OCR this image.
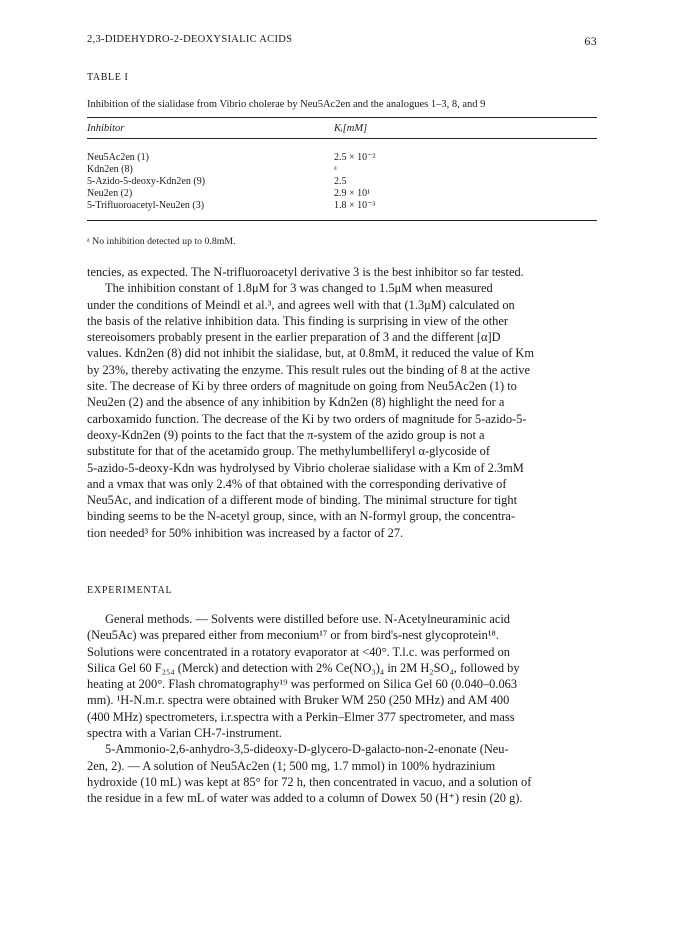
2,3-DIDEHYDRO-2-DEOXYSIALIC ACIDS	63
TABLE I
Inhibition of the sialidase from Vibrio cholerae by Neu5Ac2en and the analogues 1–3, 8, and 9
Inhibitor	Kᵢ[mM]
Neu5Ac2en (1)	2.5 × 10⁻²
Kdn2en (8)	ᵃ
5-Azido-5-deoxy-Kdn2en (9)	2.5
Neu2en (2)	2.9 × 10¹
5-Trifluoroacetyl-Neu2en (3)	1.8 × 10⁻³
ᵃ No inhibition detected up to 0.8mM.

tencies, as expected. The N-trifluoroacetyl derivative 3 is the best inhibitor so far tested.

The inhibition constant of 1.8μM for 3 was changed to 1.5μM when measured

under the conditions of Meindl et al.³, and agrees well with that (1.3μM) calculated on

the basis of the relative inhibition data. This finding is surprising in view of the other

stereoisomers probably present in the earlier preparation of 3 and the different [α]D

values. Kdn2en (8) did not inhibit the sialidase, but, at 0.8mM, it reduced the value of Km

by 23%, thereby activating the enzyme. This result rules out the binding of 8 at the active

site. The decrease of Ki by three orders of magnitude on going from Neu5Ac2en (1) to

Neu2en (2) and the absence of any inhibition by Kdn2en (8) highlight the need for a

carboxamido function. The decrease of the Ki by two orders of magnitude for 5-azido-5-

deoxy-Kdn2en (9) points to the fact that the π-system of the azido group is not a

substitute for that of the acetamido group. The methylumbelliferyl α-glycoside of

5-azido-5-deoxy-Kdn was hydrolysed by Vibrio cholerae sialidase with a Km of 2.3mM

and a vmax that was only 2.4% of that obtained with the corresponding derivative of

Neu5Ac, and indication of a different mode of binding. The minimal structure for tight

binding seems to be the N-acetyl group, since, with an N-formyl group, the concentra-

tion needed³ for 50% inhibition was increased by a factor of 27.

EXPERIMENTAL

General methods. — Solvents were distilled before use. N-Acetylneuraminic acid

(Neu5Ac) was prepared either from meconium¹⁷ or from bird's-nest glycoprotein¹⁸.

Solutions were concentrated in a rotatory evaporator at <40°. T.l.c. was performed on

Silica Gel 60 F₂₅₄ (Merck) and detection with 2% Ce(NO₃)₄ in 2M H₂SO₄, followed by

heating at 200°. Flash chromatography¹⁹ was performed on Silica Gel 60 (0.040–0.063

mm). ¹H-N.m.r. spectra were obtained with Bruker WM 250 (250 MHz) and AM 400

(400 MHz) spectrometers, i.r.spectra with a Perkin–Elmer 377 spectrometer, and mass

spectra with a Varian CH-7-instrument.

5-Ammonio-2,6-anhydro-3,5-dideoxy-D-glycero-D-galacto-non-2-enonate (Neu-

2en, 2). — A solution of Neu5Ac2en (1; 500 mg, 1.7 mmol) in 100% hydrazinium

hydroxide (10 mL) was kept at 85° for 72 h, then concentrated in vacuo, and a solution of

the residue in a few mL of water was added to a column of Dowex 50 (H⁺) resin (20 g).
